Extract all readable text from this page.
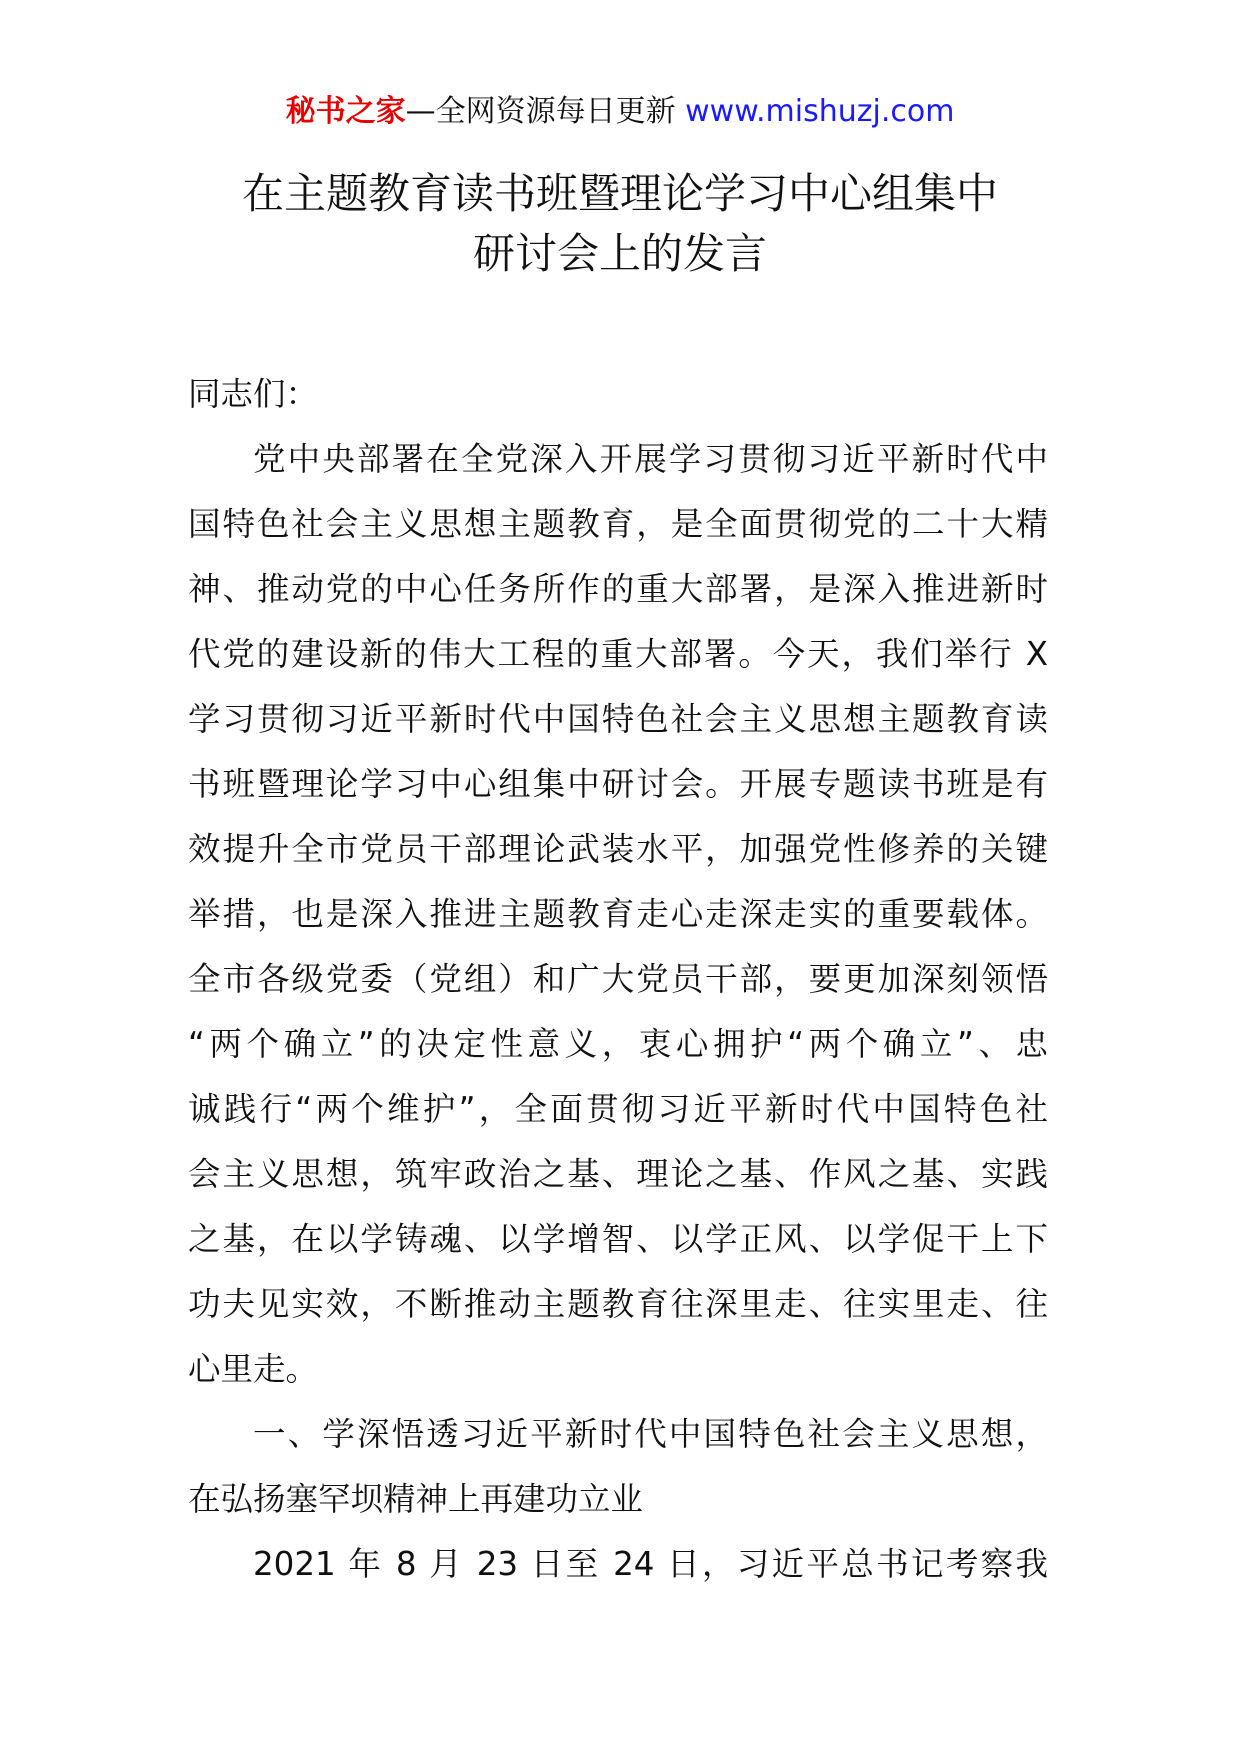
秘书之家—全网资源每日更新 www.mishuzj.com
在主题教育读书班暨理论学习中心组集中
研讨会上的发言

同志们：

党中央部署在全党深入开展学习贯彻习近平新时代中
国特色社会主义思想主题教育，是全面贯彻党的二十大精
神、推动党的中心任务所作的重大部署，是深入推进新时
代党的建设新的伟大工程的重大部署。今天，我们举行 X
学习贯彻习近平新时代中国特色社会主义思想主题教育读
书班暨理论学习中心组集中研讨会。开展专题读书班是有
效提升全市党员干部理论武装水平，加强党性修养的关键
举措，也是深入推进主题教育走心走深走实的重要载体。
全市各级党委（党组）和广大党员干部，要更加深刻领悟
“两个确立”的决定性意义，衷心拥护“两个确立”、忠
诚践行“两个维护”，全面贯彻习近平新时代中国特色社
会主义思想，筑牢政治之基、理论之基、作风之基、实践
之基，在以学铸魂、以学增智、以学正风、以学促干上下
功夫见实效，不断推动主题教育往深里走、往实里走、往
心里走。

一、学深悟透习近平新时代中国特色社会主义思想，
在弘扬塞罕坝精神上再建功立业

2021 年 8 月 23 日至 24 日，习近平总书记考察我
